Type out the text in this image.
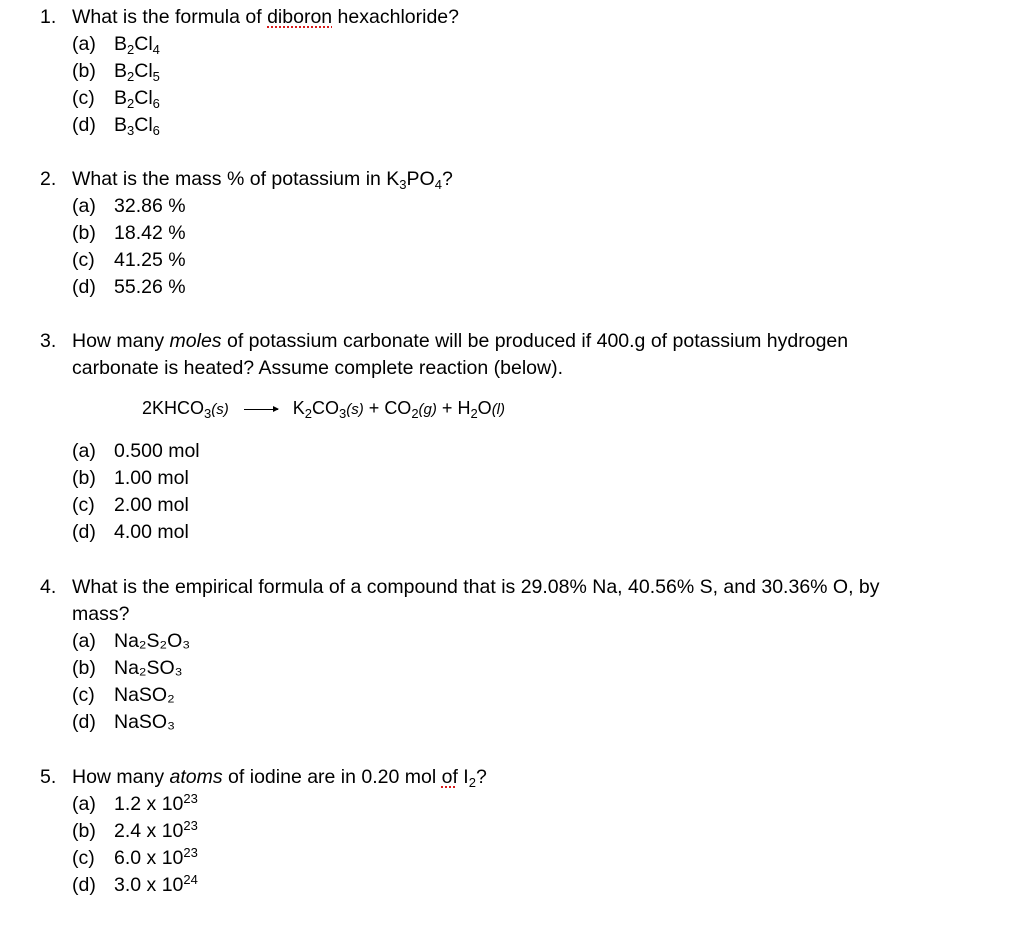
1. What is the formula of diboron hexachloride?
(a) $B_2Cl_4$
(b) $B_2Cl_5$
(c) $B_2Cl_6$
(d) $B_3Cl_6$
2. What is the mass % of potassium in $K_3PO_4$?
(a) 32.86 %
(b) 18.42 %
(c) 41.25 %
(d) 55.26 %
3. How many moles of potassium carbonate will be produced if 400.g of potassium hydrogen
carbonate is heated? Assume complete reaction (below).
$2KHCO_3(s) \to K_2CO_3(s) + CO_2(g) + H_2O(l)$
(a) 0.500 mol
(b) 1.00 mol
(c) 2.00 mol
(d) 4.00 mol
4. What is the empirical formula of a compound that is 29.08% Na, 40.56% S, and 30.36% O, by
mass?
(a) Na₂S₂O₃
(b) Na₂SO₃
(c) NaSO₂
(d) NaSO₃
5. How many atoms of iodine are in 0.20 mol of $I_2$?
(a) 1.2 x $10^{23}$
(b) 2.4 x $10^{23}$
(c) 6.0 x $10^{23}$
(d) 3.0 x $10^{24}$
